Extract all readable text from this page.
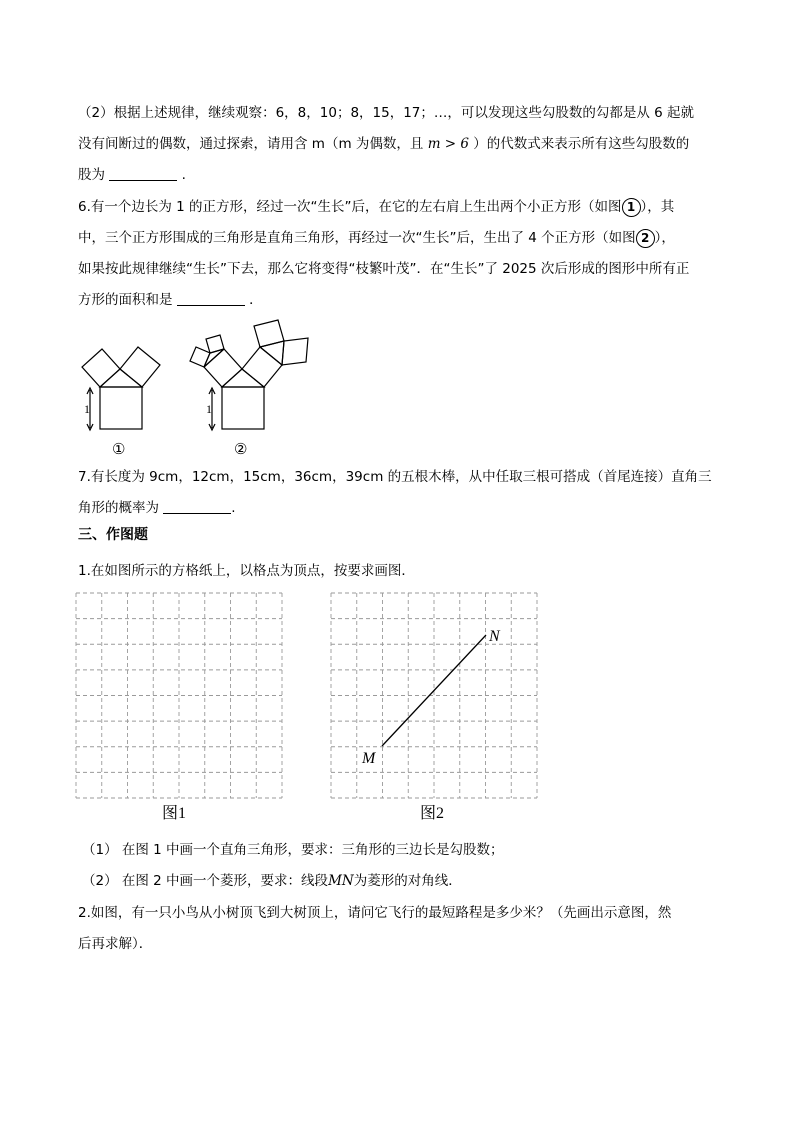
（2）根据上述规律，继续观察：6，8，10；8，15，17；…，可以发现这些勾股数的勾都是从 6 起就
没有间断过的偶数，通过探索，请用含 m（m 为偶数，且 m > 6 ）的代数式来表示所有这些勾股数的
股为	.
6.有一个边长为 1 的正方形，经过一次“生长”后，在它的左右肩上生出两个小正方形（如图 1 ），其
中，三个正方形围成的三角形是直角三角形，再经过一次“生长”后，生出了 4 个正方形（如图 2 ），
如果按此规律继续“生长”下去，那么它将变得“枝繁叶茂”．在“生长”了 2025 次后形成的图形中所有正
方形的面积和是	．
1
①
1
②
7.有长度为 9cm，12cm，15cm，36cm，39cm 的五根木棒，从中任取三根可搭成（首尾连接）直角三
角形的概率为	.
三、作图题
1.在如图所示的方格纸上，以格点为顶点，按要求画图．
N
M
图1	图2
（1） 在图 1 中画一个直角三角形，要求：三角形的三边长是勾股数；
（2） 在图 2 中画一个菱形，要求：线段MN为菱形的对角线．
2.如图，有一只小鸟从小树顶飞到大树顶上，请问它飞行的最短路程是多少米？（先画出示意图，然
后再求解）．
